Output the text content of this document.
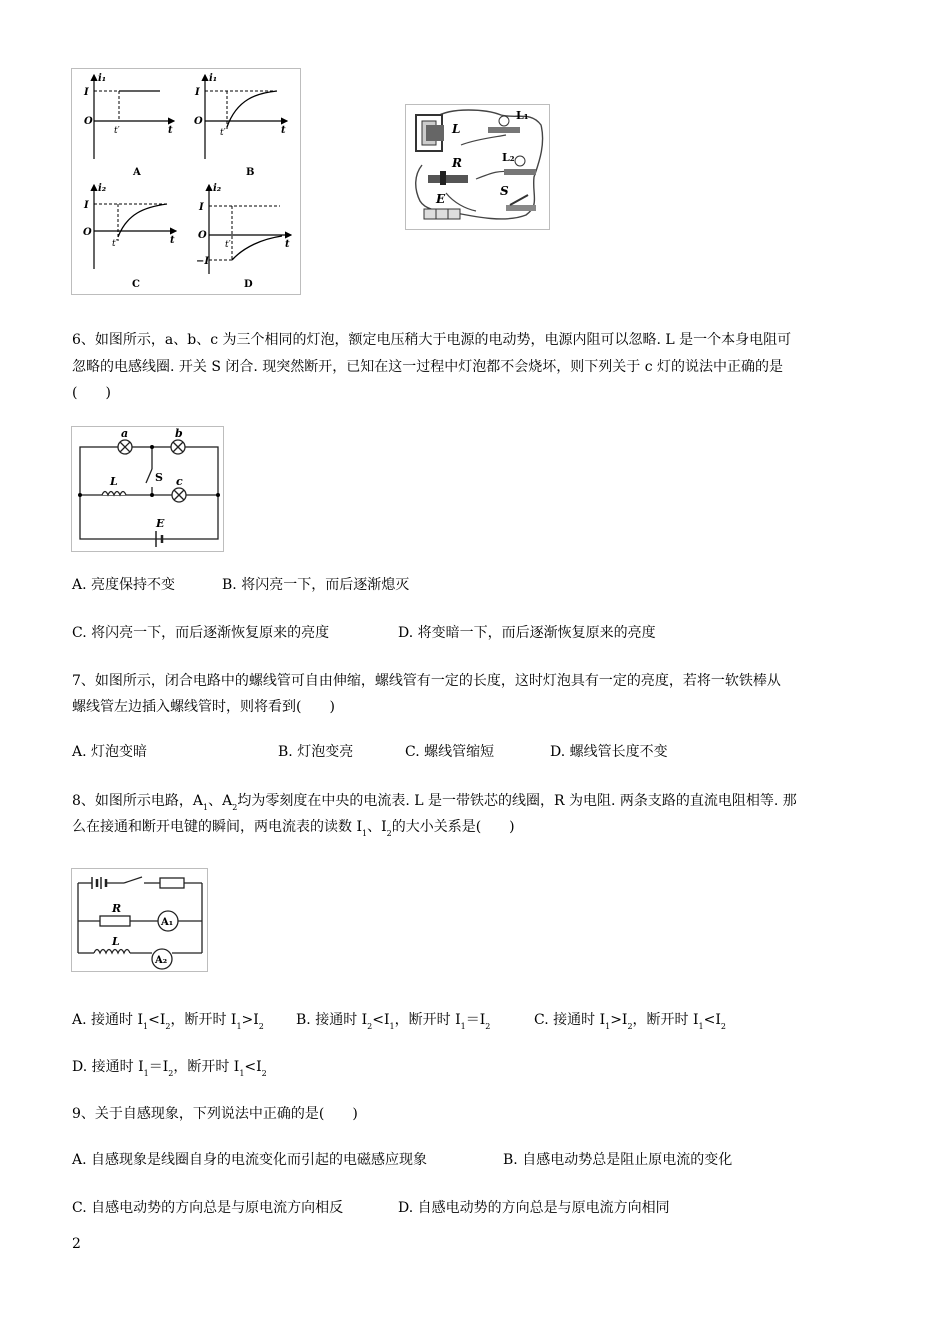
i₁
I
O
t′	t
A
i₁
I
O
t′	t
B
i₂
I
O
t′	t
C
i₂
I
O
−I
t′	t
D
L
L₁
L₂
R
E
S
6、如图所示，a、b、c 为三个相同的灯泡，额定电压稍大于电源的电动势，电源内阻可以忽略. L 是一个本身电阻可
忽略的电感线圈. 开关 S 闭合. 现突然断开，已知在这一过程中灯泡都不会烧坏，则下列关于 c 灯的说法中正确的是
(　　)
a	b
c
L	S
E
A. 亮度保持不变	B. 将闪亮一下，而后逐渐熄灭
C. 将闪亮一下，而后逐渐恢复原来的亮度	D. 将变暗一下，而后逐渐恢复原来的亮度
7、如图所示，闭合电路中的螺线管可自由伸缩，螺线管有一定的长度，这时灯泡具有一定的亮度，若将一软铁棒从
螺线管左边插入螺线管时，则将看到(　　)
A. 灯泡变暗	B. 灯泡变亮	C. 螺线管缩短	D. 螺线管长度不变
8、如图所示电路，$A_1$、$A_2$均为零刻度在中央的电流表. L 是一带铁芯的线圈，R 为电阻. 两条支路的直流电阻相等. 那
么在接通和断开电键的瞬间，两电流表的读数 $I_1$、$I_2$的大小关系是(　　)
R
L
A₁
A₂
A. 接通时 $I_1<I_2$，断开时 $I_1>I_2$ B. 接通时 $I_2<I_1$，断开时 $I_1=I_2$	C. 接通时 $I_1>I_2$，断开时 $I_1<I_2$
D. 接通时 $I_1=I_2$，断开时 $I_1<I_2$
9、关于自感现象，下列说法中正确的是(　　)
A. 自感现象是线圈自身的电流变化而引起的电磁感应现象	B. 自感电动势总是阻止原电流的变化
C. 自感电动势的方向总是与原电流方向相反	D. 自感电动势的方向总是与原电流方向相同
2
